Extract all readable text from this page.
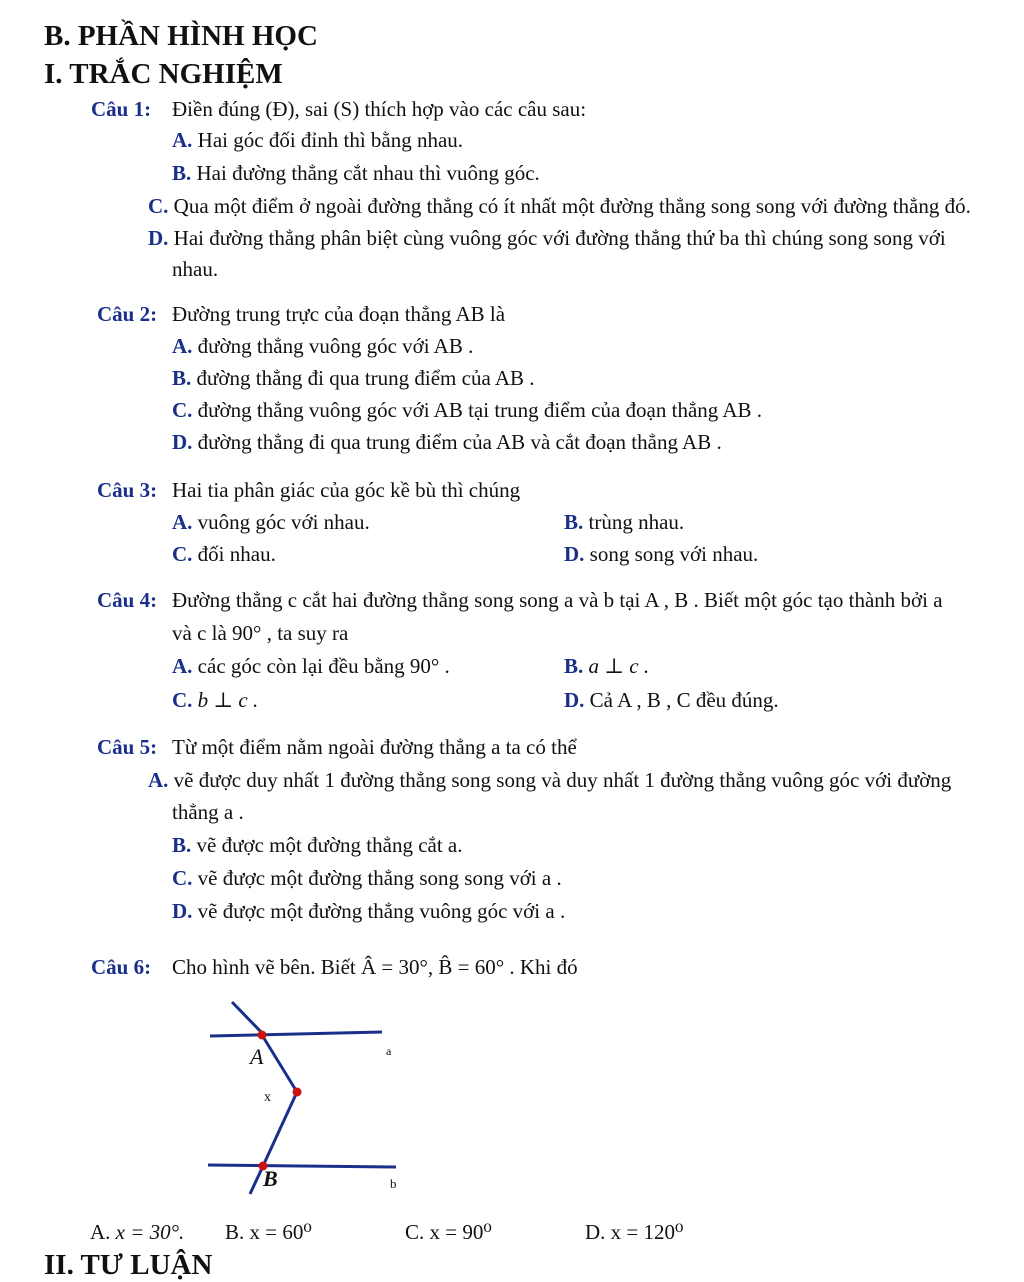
B. PHẦN HÌNH HỌC
I. TRẮC NGHIỆM
Câu 1: Điền đúng (Đ), sai (S) thích hợp vào các câu sau:
A. Hai góc đối đỉnh thì bằng nhau.
B. Hai đường thẳng cắt nhau thì vuông góc.
C. Qua một điểm ở ngoài đường thẳng có ít nhất một đường thẳng song song với đường thẳng đó.
D. Hai đường thẳng phân biệt cùng vuông góc với đường thẳng thứ ba thì chúng song song với
nhau.
Câu 2: Đường trung trực của đoạn thẳng AB là
A. đường thẳng vuông góc với AB .
B. đường thẳng đi qua trung điểm của AB .
C. đường thẳng vuông góc với AB tại trung điểm của đoạn thẳng AB .
D. đường thẳng đi qua trung điểm của AB và cắt đoạn thẳng AB .
Câu 3: Hai tia phân giác của góc kề bù thì chúng
A. vuông góc với nhau.	B. trùng nhau.
C. đối nhau.	D. song song với nhau.
Câu 4: Đường thẳng c cắt hai đường thẳng song song a và b tại A , B . Biết một góc tạo thành bởi a
và c là 90° , ta suy ra
A. các góc còn lại đều bằng 90° .	B. a ⊥ c .
C. b ⊥ c .	D. Cả A , B , C đều đúng.
Câu 5: Từ một điểm nằm ngoài đường thẳng a ta có thể
A. vẽ được duy nhất 1 đường thẳng song song và duy nhất 1 đường thẳng vuông góc với đường
thẳng a .
B. vẽ được một đường thẳng cắt a.
C. vẽ được một đường thẳng song song với a .
D. vẽ được một đường thẳng vuông góc với a .
Câu 6: Cho hình vẽ bên. Biết Â = 30°, B̂ = 60° . Khi đó
A
B
x
a
b
A. x = 30°. B. x = 60⁰	C. x = 90⁰	D. x = 120⁰
II. TƯ LUẬN
